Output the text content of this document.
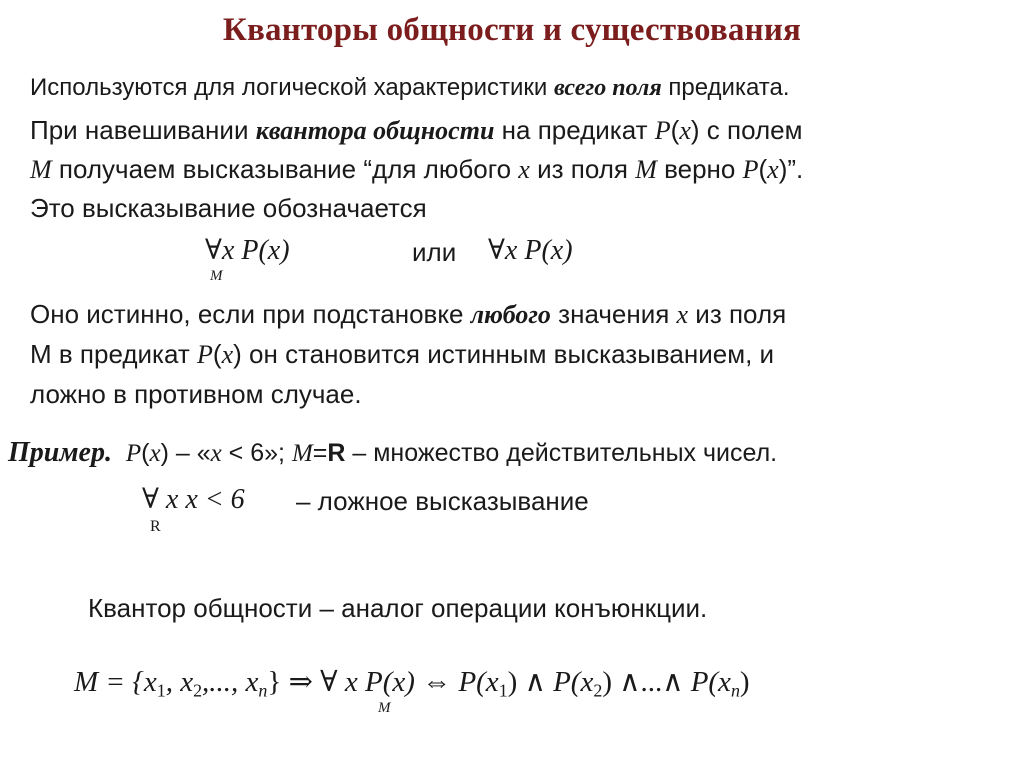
Кванторы общности и существования
Используются для логической характеристики всего поля предиката.
При навешивании квантора общности на предикат P(x) с полем
M получаем высказывание “для любого x из поля M верно P(x)”.
Это высказывание обозначается
∀x P(x)
M
или ∀x P(x)
Оно истинно, если при подстановке любого значения x из поля
М в предикат P(x) он становится истинным высказыванием, и
ложно в противном случае.
Пример. P(x) – «x < 6»; M=R – множество действительных чисел.
∀ x x < 6
R
– ложное высказывание
Квантор общности – аналог операции конъюнкции.
$M = \{x_1$, $x_2$,..., $x_n$} ⇒ ∀ x P(x) ⇔ $P(x_1)$ ∧ $P(x_2)$ ∧...∧ $P(x_n)$
M
